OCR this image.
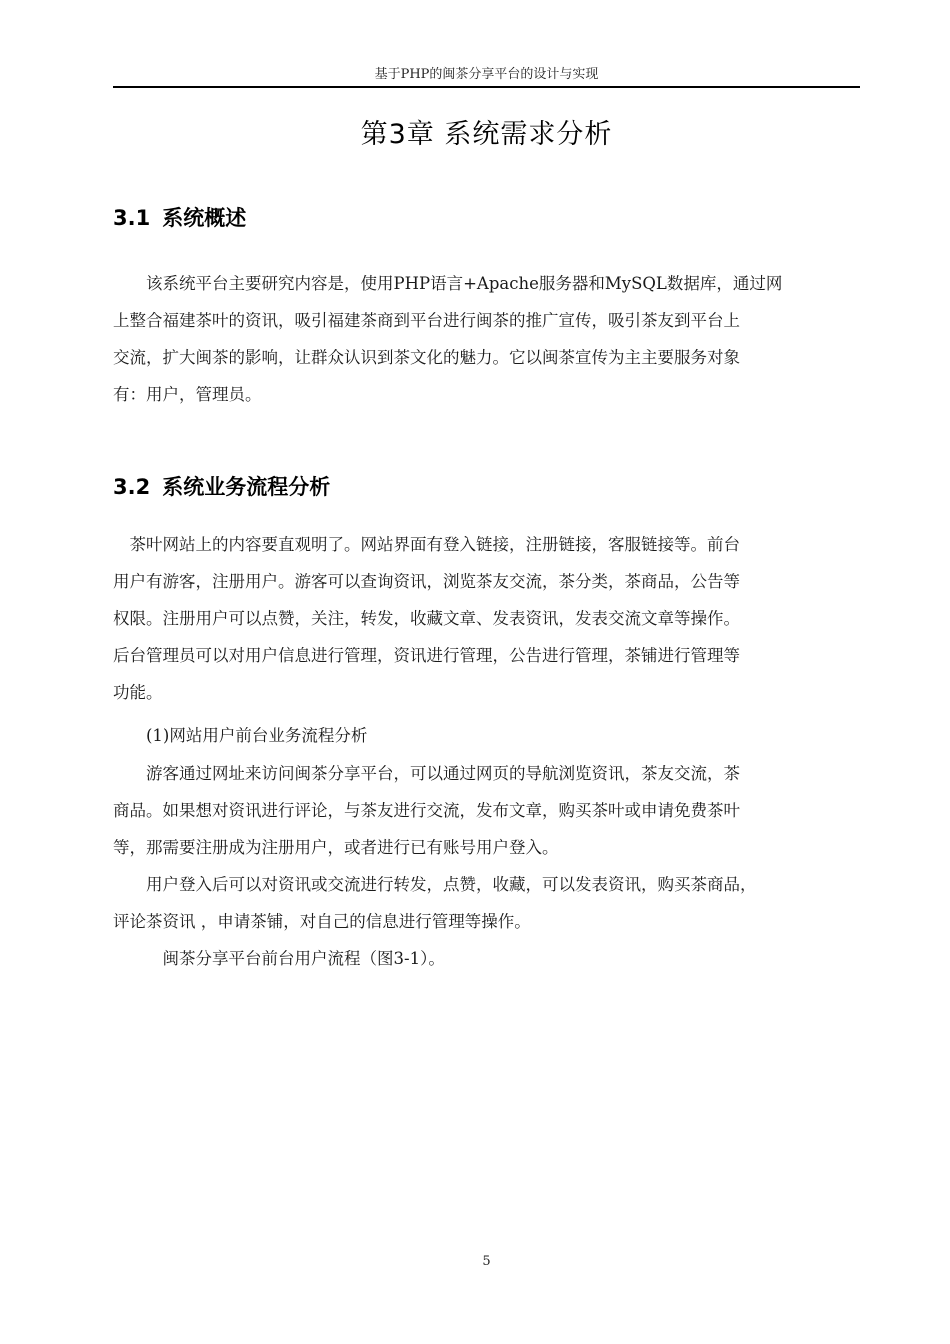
基于PHP的闽茶分享平台的设计与实现
第3章 系统需求分析
3.1 系统概述
　　该系统平台主要研究内容是，使用PHP语言+Apache服务器和MySQL数据库，通过网
上整合福建茶叶的资讯，吸引福建茶商到平台进行闽茶的推广宣传，吸引茶友到平台上
交流，扩大闽茶的影响，让群众认识到茶文化的魅力。它以闽茶宣传为主主要服务对象
有：用户，管理员。
3.2 系统业务流程分析
　茶叶网站上的内容要直观明了。网站界面有登入链接，注册链接，客服链接等。前台
用户有游客，注册用户。游客可以查询资讯，浏览茶友交流，茶分类，茶商品，公告等
权限。注册用户可以点赞，关注，转发，收藏文章、发表资讯，发表交流文章等操作。
后台管理员可以对用户信息进行管理，资讯进行管理，公告进行管理，茶铺进行管理等
功能。
　　(1)网站用户前台业务流程分析
　　游客通过网址来访问闽茶分享平台，可以通过网页的导航浏览资讯，茶友交流，茶
商品。如果想对资讯进行评论，与茶友进行交流，发布文章，购买茶叶或申请免费茶叶
等，那需要注册成为注册用户，或者进行已有账号用户登入。
　　用户登入后可以对资讯或交流进行转发，点赞，收藏，可以发表资讯，购买茶商品，
评论茶资讯 ，申请茶铺，对自己的信息进行管理等操作。
　　　闽茶分享平台前台用户流程（图3-1）。
5
